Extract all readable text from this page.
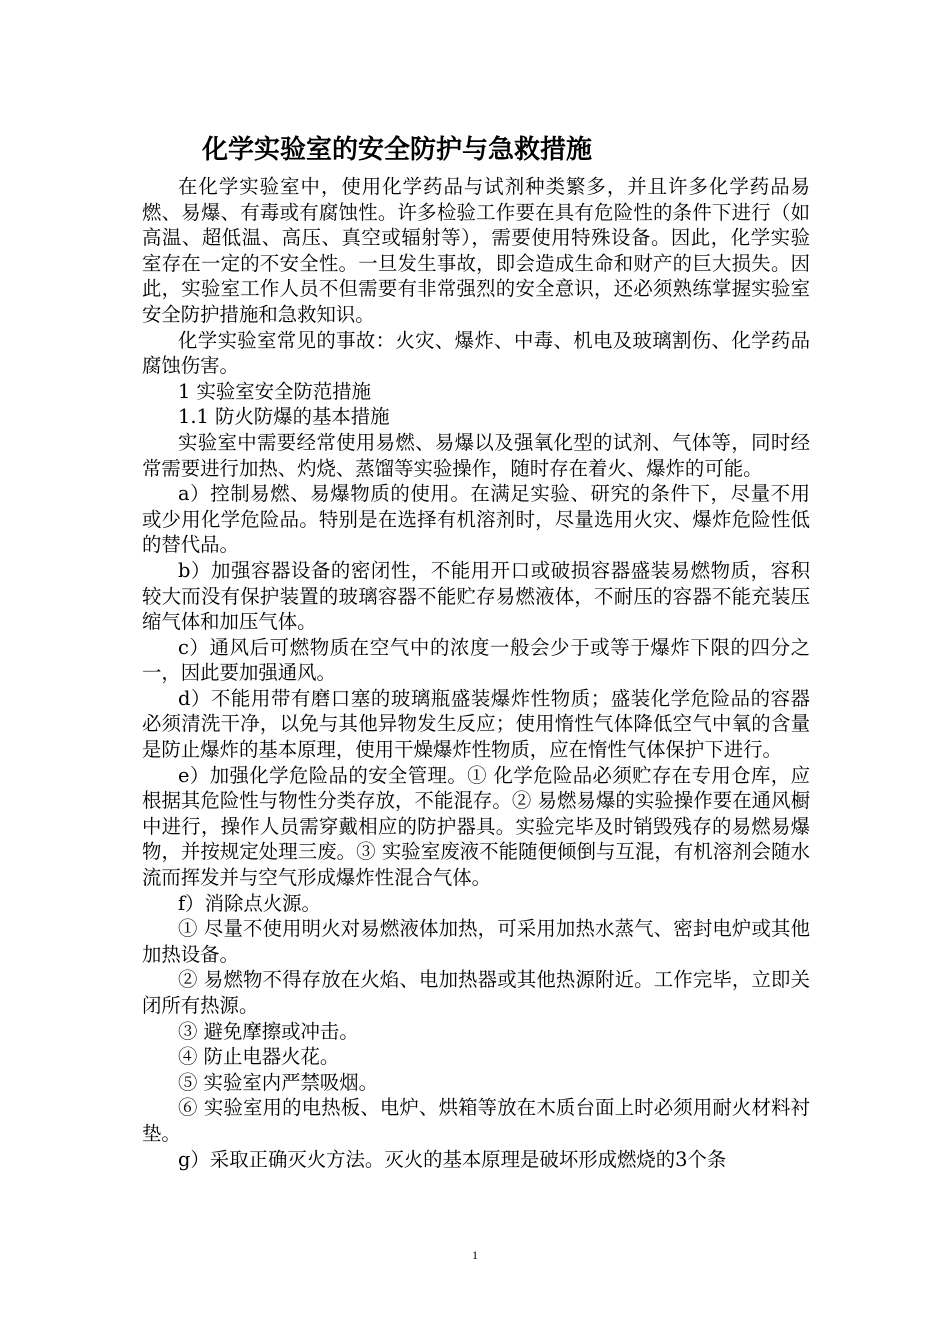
化学实验室的安全防护与急救措施

在化学实验室中，使用化学药品与试剂种类繁多，并且许多化学药品易燃、易爆、有毒或有腐蚀性。许多检验工作要在具有危险性的条件下进行（如高温、超低温、高压、真空或辐射等），需要使用特殊设备。因此，化学实验室存在一定的不安全性。一旦发生事故，即会造成生命和财产的巨大损失。因此，实验室工作人员不但需要有非常强烈的安全意识，还必须熟练掌握实验室安全防护措施和急救知识。

化学实验室常见的事故：火灾、爆炸、中毒、机电及玻璃割伤、化学药品腐蚀伤害。

1 实验室安全防范措施

1.1 防火防爆的基本措施

实验室中需要经常使用易燃、易爆以及强氧化型的试剂、气体等，同时经常需要进行加热、灼烧、蒸馏等实验操作，随时存在着火、爆炸的可能。

a）控制易燃、易爆物质的使用。在满足实验、研究的条件下，尽量不用或少用化学危险品。特别是在选择有机溶剂时，尽量选用火灾、爆炸危险性低的替代品。

b）加强容器设备的密闭性，不能用开口或破损容器盛装易燃物质，容积较大而没有保护装置的玻璃容器不能贮存易燃液体，不耐压的容器不能充装压缩气体和加压气体。

c）通风后可燃物质在空气中的浓度一般会少于或等于爆炸下限的四分之一，因此要加强通风。

d）不能用带有磨口塞的玻璃瓶盛装爆炸性物质；盛装化学危险品的容器必须清洗干净，以免与其他异物发生反应；使用惰性气体降低空气中氧的含量是防止爆炸的基本原理，使用干燥爆炸性物质，应在惰性气体保护下进行。

e）加强化学危险品的安全管理。① 化学危险品必须贮存在专用仓库，应根据其危险性与物性分类存放，不能混存。② 易燃易爆的实验操作要在通风橱中进行，操作人员需穿戴相应的防护器具。实验完毕及时销毁残存的易燃易爆物，并按规定处理三废。③ 实验室废液不能随便倾倒与互混，有机溶剂会随水流而挥发并与空气形成爆炸性混合气体。

f）消除点火源。

① 尽量不使用明火对易燃液体加热，可采用加热水蒸气、密封电炉或其他加热设备。

② 易燃物不得存放在火焰、电加热器或其他热源附近。工作完毕，立即关闭所有热源。

③ 避免摩擦或冲击。

④ 防止电器火花。

⑤ 实验室内严禁吸烟。

⑥ 实验室用的电热板、电炉、烘箱等放在木质台面上时必须用耐火材料衬垫。

g）采取正确灭火方法。灭火的基本原理是破坏形成燃烧的3个条

1
